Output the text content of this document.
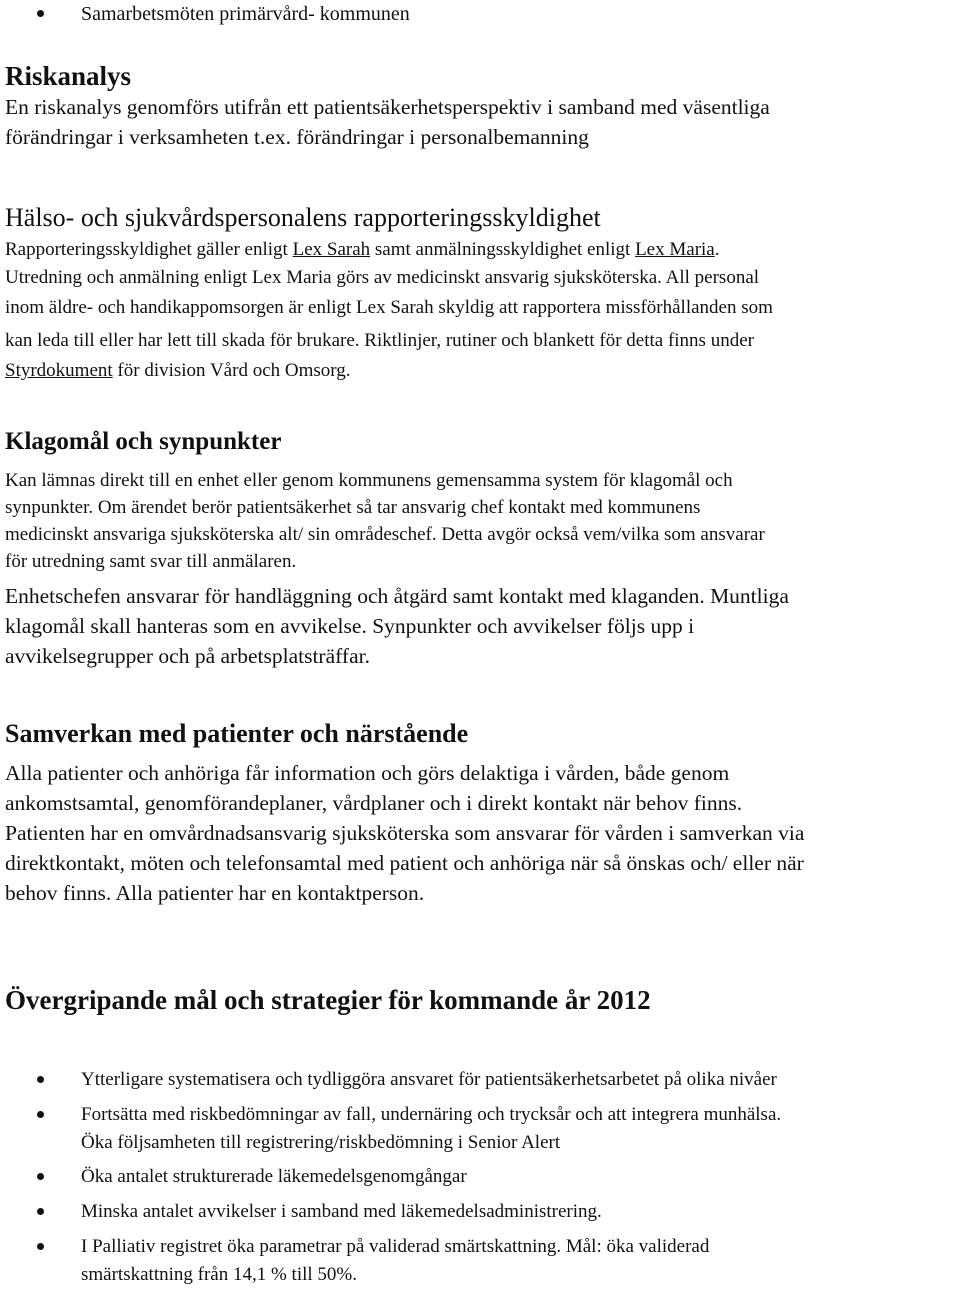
Samarbetsmöten primärvård- kommunen
Riskanalys
En riskanalys genomförs utifrån ett patientsäkerhetsperspektiv i samband med väsentliga
förändringar i verksamheten t.ex. förändringar i personalbemanning
Hälso- och sjukvårdspersonalens rapporteringsskyldighet
Rapporteringsskyldighet gäller enligt Lex Sarah samt anmälningsskyldighet enligt Lex Maria.
Utredning och anmälning enligt Lex Maria görs av medicinskt ansvarig sjuksköterska. All personal
inom äldre- och handikappomsorgen är enligt Lex Sarah skyldig att rapportera missförhållanden som
kan leda till eller har lett till skada för brukare. Riktlinjer, rutiner och blankett för detta finns under
Styrdokument för division Vård och Omsorg.
Klagomål och synpunkter
Kan lämnas direkt till en enhet eller genom kommunens gemensamma system för klagomål och
synpunkter. Om ärendet berör patientsäkerhet så tar ansvarig chef kontakt med kommunens
medicinskt ansvariga sjuksköterska alt/ sin områdeschef. Detta avgör också vem/vilka som ansvarar
för utredning samt svar till anmälaren.
Enhetschefen ansvarar för handläggning och åtgärd samt kontakt med klaganden. Muntliga
klagomål skall hanteras som en avvikelse. Synpunkter och avvikelser följs upp i
avvikelsegrupper och på arbetsplatsträffar.
Samverkan med patienter och närstående
Alla patienter och anhöriga får information och görs delaktiga i vården, både genom
ankomstsamtal, genomförandeplaner, vårdplaner och i direkt kontakt när behov finns.
Patienten har en omvårdnadsansvarig sjuksköterska som ansvarar för vården i samverkan via
direktkontakt, möten och telefonsamtal med patient och anhöriga när så önskas och/ eller när
behov finns. Alla patienter har en kontaktperson.
Övergripande mål och strategier för kommande år 2012
Ytterligare systematisera och tydliggöra ansvaret för patientsäkerhetsarbetet på olika nivåer
Fortsätta med riskbedömningar av fall, undernäring och trycksår och att integrera munhälsa.
Öka följsamheten till registrering/riskbedömning i Senior Alert
Öka antalet strukturerade läkemedelsgenomgångar
Minska antalet avvikelser i samband med läkemedelsadministrering.
I Palliativ registret öka parametrar på validerad smärtskattning. Mål: öka validerad
smärtskattning från 14,1 % till 50%.
